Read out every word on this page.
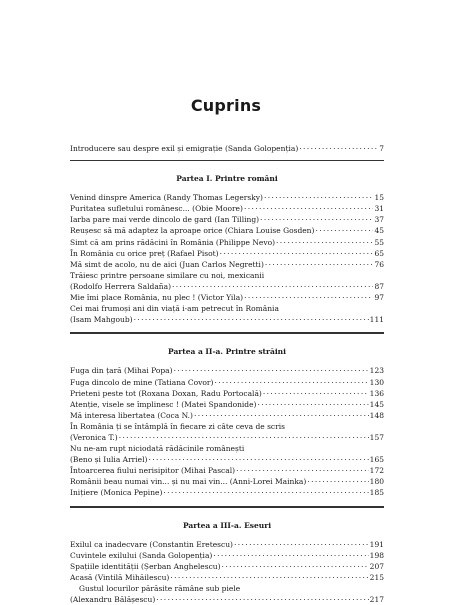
Cuprins
Introducere sau despre exil și emigrație (Sanda Golopenția) . . .	7
Partea I. Printre români
Venind dinspre America (Randy Thomas Legersky) . . .	15
Puritatea sufletului românesc... (Obie Moore) . . .	31
Iarba pare mai verde dincolo de gard (Ian Tilling) . . .	37
Reușesc să mă adaptez la aproape orice (Chiara Louise Gosden) . . .	45
Simt că am prins rădăcini în România (Philippe Nevo) . . .	55
În România cu orice preț (Rafael Pisot) . . .	65
Mă simt de acolo, nu de aici (Juan Carlos Negretti) . . .	76
Trăiesc printre persoane similare cu noi, mexicanii
(Rodolfo Herrera Saldaña) . . .	87
Mie îmi place România, nu plec ! (Victor Yila) . . .	97
Cei mai frumoși ani din viață i-am petrecut în România
(Isam Mahgoub) . . .	111
Partea a II-a. Printre străini
Fuga din țară (Mihai Popa) . . .	123
Fuga dincolo de mine (Tatiana Covor) . . .	130
Prieteni peste tot (Roxana Doxan, Radu Portocală) . . .	136
Atenție, visele se împlinesc ! (Matei Spandonide) . . .	145
Mă interesa libertatea (Coca N.) . . .	148
În România ți se întâmplă în fiecare zi câte ceva de scris
(Veronica T.) . . .	157
Nu ne-am rupt niciodată rădăcinile românești
(Beno și Iulia Arriel) . . .	165
Întoarcerea fiului nerisipitor (Mihai Pascal) . . .	172
Românii beau numai vin... și nu mai vin... (Anni-Lorei Mainka) . . .	180
Inițiere (Monica Pepine) . . .	185
Partea a III-a. Eseuri
Exilul ca inadecvare (Constantin Eretescu) . . .	191
Cuvintele exilului (Sanda Golopenția) . . .	198
Spațiile identității (Șerban Anghelescu) . . .	207
Acasă (Vintilă Mihăilescu) . . .	215
Gustul locurilor părăsite rămâne sub piele
(Alexandru Bălășescu) . . .	217
